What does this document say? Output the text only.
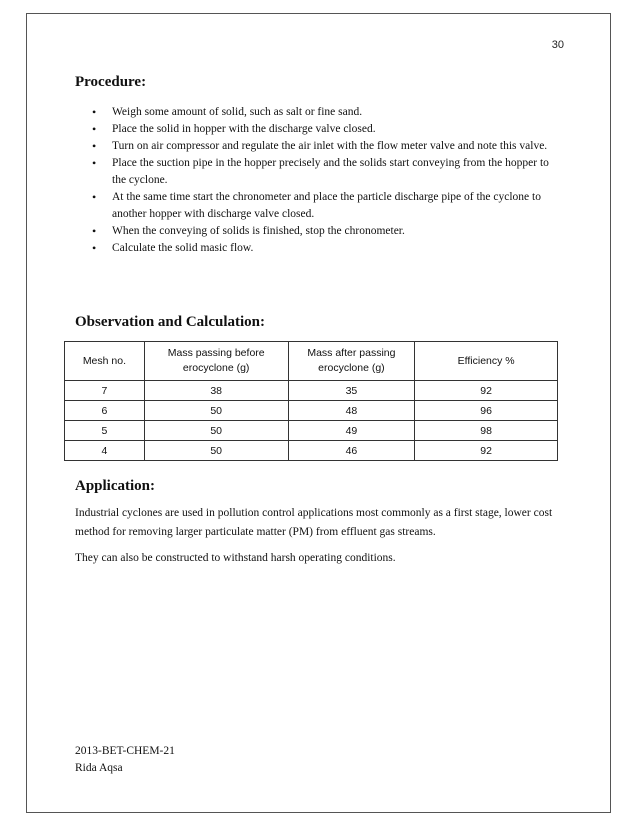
30
Procedure:
• Weigh some amount of solid, such as salt or fine sand.
• Place the solid in hopper with the discharge valve closed.
• Turn on air compressor and regulate the air inlet with the flow meter valve and note this valve.
• Place the suction pipe in the hopper precisely and the solids start conveying from the hopper to the cyclone.
• At the same time start the chronometer and place the particle discharge pipe of the cyclone to another hopper with discharge valve closed.
• When the conveying of solids is finished, stop the chronometer.
• Calculate the solid masic flow.
Observation and Calculation:
Mesh no.	Mass passing before erocyclone (g)	Mass after passing erocyclone (g)	Efficiency %
7	38	35	92
6	50	48	96
5	50	49	98
4	50	46	92
Application:

Industrial cyclones are used in pollution control applications most commonly as a first stage, lower cost method for removing larger particulate matter (PM) from effluent gas streams.

They can also be constructed to withstand harsh operating conditions.

2013-BET-CHEM-21
Rida Aqsa
